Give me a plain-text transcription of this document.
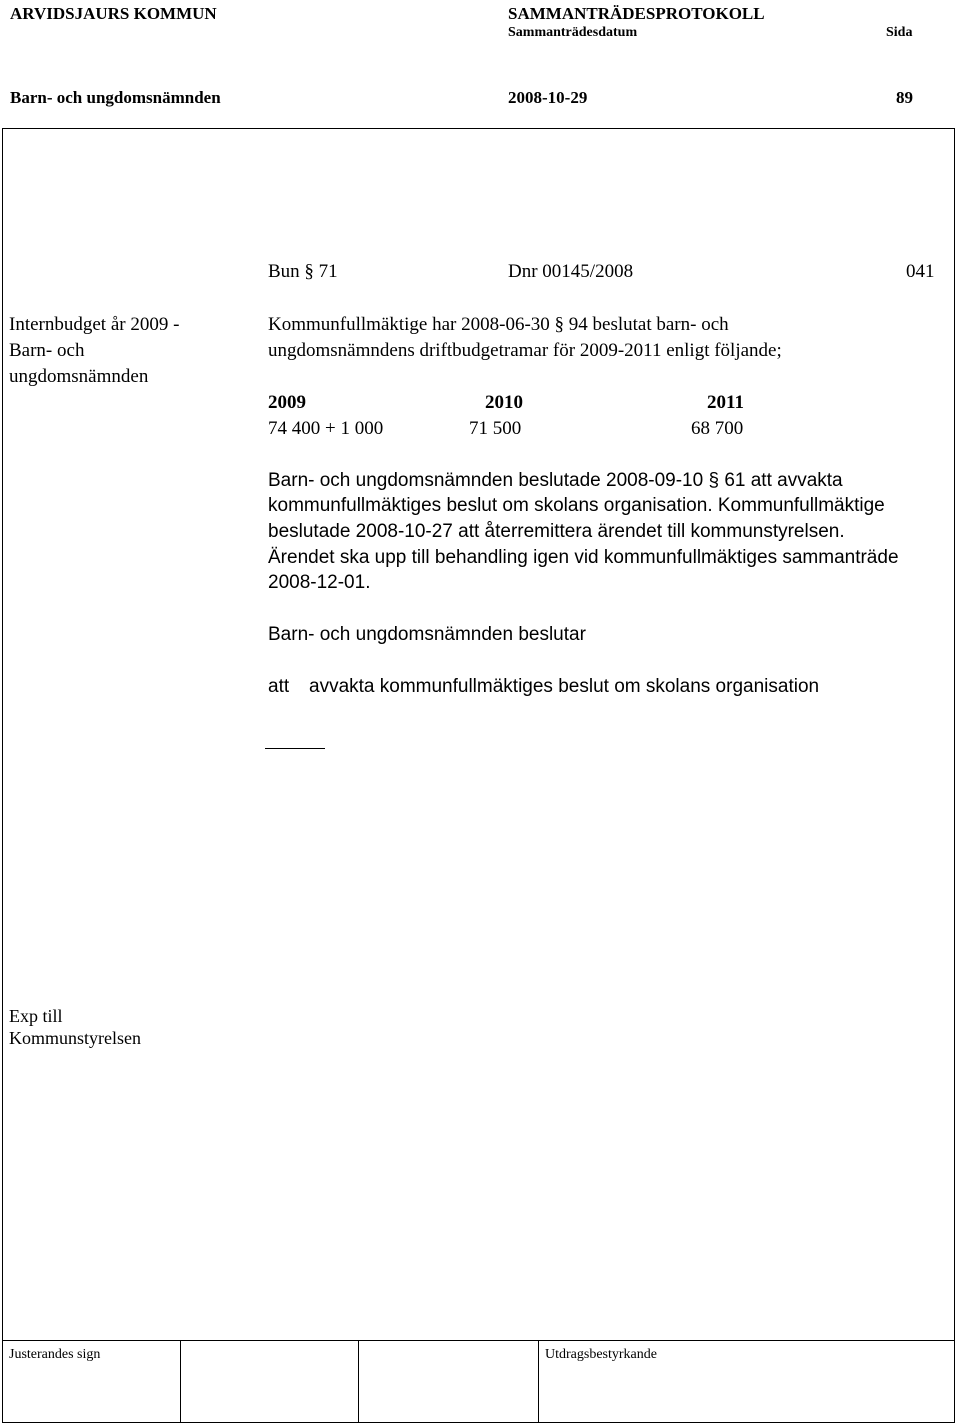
ARVIDSJAURS KOMMUN	SAMMANTRÄDESPROTOKOLL
Sammanträdesdatum	Sida
Barn- och ungdomsnämnden	2008-10-29	89
Bun § 71	Dnr 00145/2008	041
Internbudget år 2009 -
Barn- och
ungdomsnämnden
Kommunfullmäktige har 2008-06-30 § 94 beslutat barn- och
ungdomsnämndens driftbudgetramar för 2009-2011 enligt följande;
2009	2010	2011
74 400 + 1 000	71 500	68 700
Barn- och ungdomsnämnden beslutade 2008-09-10 § 61 att avvakta
kommunfullmäktiges beslut om skolans organisation. Kommunfullmäktige
beslutade 2008-10-27 att återremittera ärendet till kommunstyrelsen.
Ärendet ska upp till behandling igen vid kommunfullmäktiges sammanträde
2008-12-01.
Barn- och ungdomsnämnden beslutar
att avvakta kommunfullmäktiges beslut om skolans organisation
Exp till
Kommunstyrelsen
Justerandes sign	Utdragsbestyrkande
